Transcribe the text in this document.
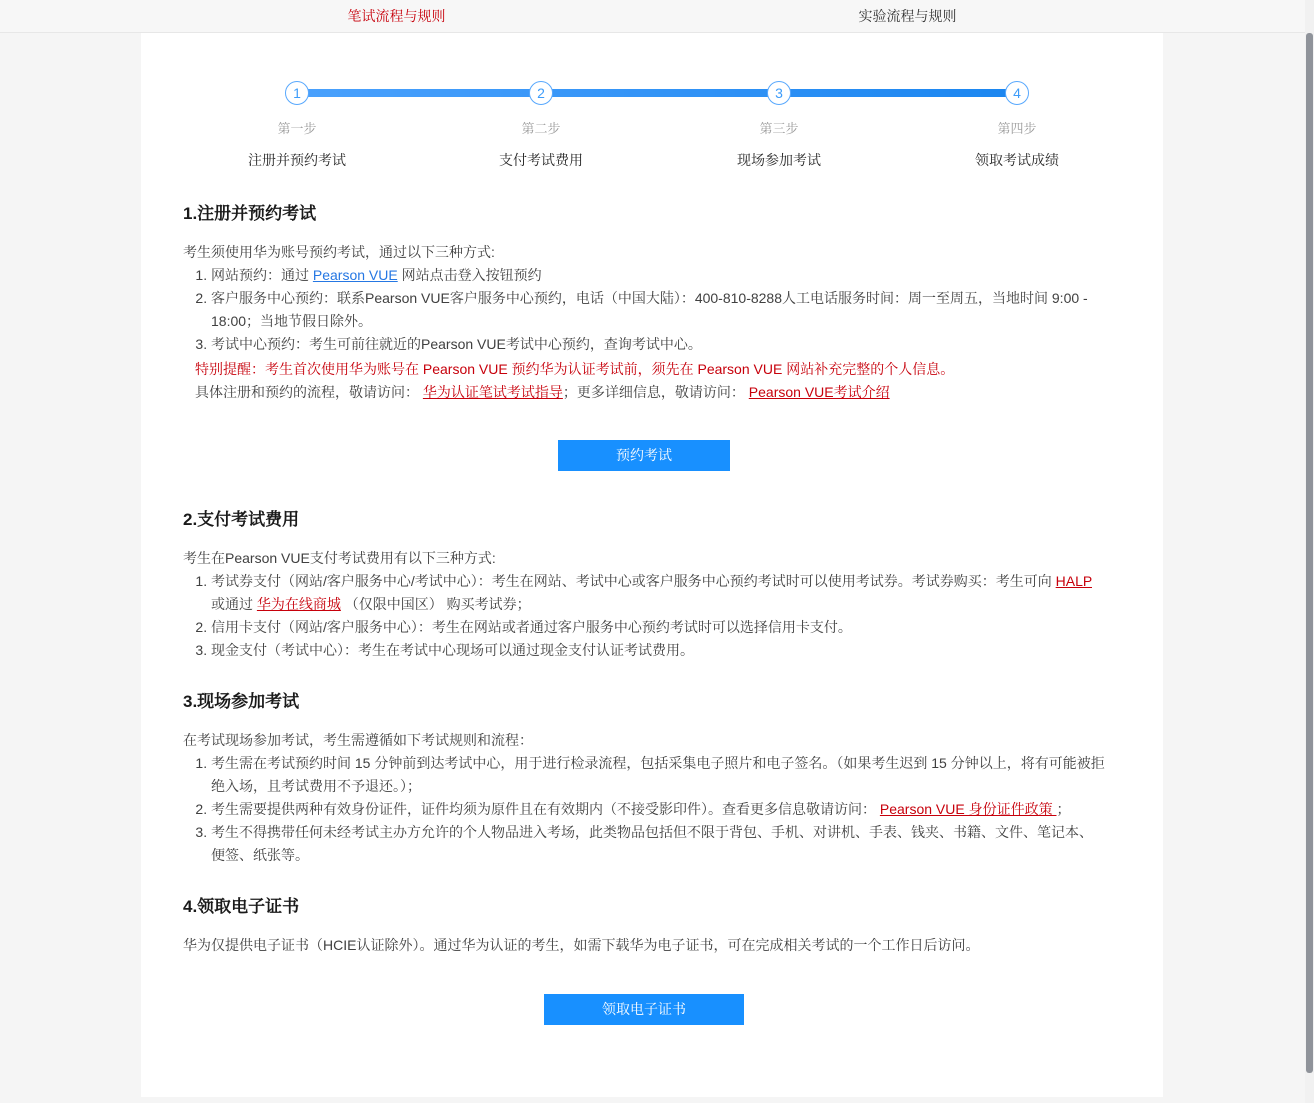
笔试流程与规则	实验流程与规则
1
第一步
注册并预约考试
2
第二步
支付考试费用
3
第三步
现场参加考试
4
第四步
领取考试成绩
1.注册并预约考试

考生须使用华为账号预约考试，通过以下三种方式:

1. 网站预约：通过 Pearson VUE 网站点击登入按钮预约
2. 客户服务中心预约：联系Pearson VUE客户服务中心预约，电话（中国大陆）：400-810-8288人工电话服务时间：周一至周五，当地时间 9:00 - 18:00；当地节假日除外。
3. 考试中心预约：考生可前往就近的Pearson VUE考试中心预约，查询考试中心。

特别提醒：考生首次使用华为账号在 Pearson VUE 预约华为认证考试前，须先在 Pearson VUE 网站补充完整的个人信息。

具体注册和预约的流程，敬请访问： 华为认证笔试考试指导；更多详细信息，敬请访问： Pearson VUE考试介绍

预约考试
2.支付考试费用

考生在Pearson VUE支付考试费用有以下三种方式:

1. 考试券支付（网站/客户服务中心/考试中心）：考生在网站、考试中心或客户服务中心预约考试时可以使用考试券。考试券购买：考生可向 HALP 或通过 华为在线商城 （仅限中国区） 购买考试券；
2. 信用卡支付（网站/客户服务中心）：考生在网站或者通过客户服务中心预约考试时可以选择信用卡支付。
3. 现金支付（考试中心）：考生在考试中心现场可以通过现金支付认证考试费用。
3.现场参加考试

在考试现场参加考试，考生需遵循如下考试规则和流程：

1. 考生需在考试预约时间 15 分钟前到达考试中心，用于进行检录流程，包括采集电子照片和电子签名。（如果考生迟到 15 分钟以上，将有可能被拒绝入场，且考试费用不予退还。）；
2. 考生需要提供两种有效身份证件，证件均须为原件且在有效期内（不接受影印件）。查看更多信息敬请访问： Pearson VUE 身份证件政策 ；
3. 考生不得携带任何未经考试主办方允许的个人物品进入考场，此类物品包括但不限于背包、手机、对讲机、手表、钱夹、书籍、文件、笔记本、便签、纸张等。
4.领取电子证书

华为仅提供电子证书（HCIE认证除外）。通过华为认证的考生，如需下载华为电子证书，可在完成相关考试的一个工作日后访问。

领取电子证书
